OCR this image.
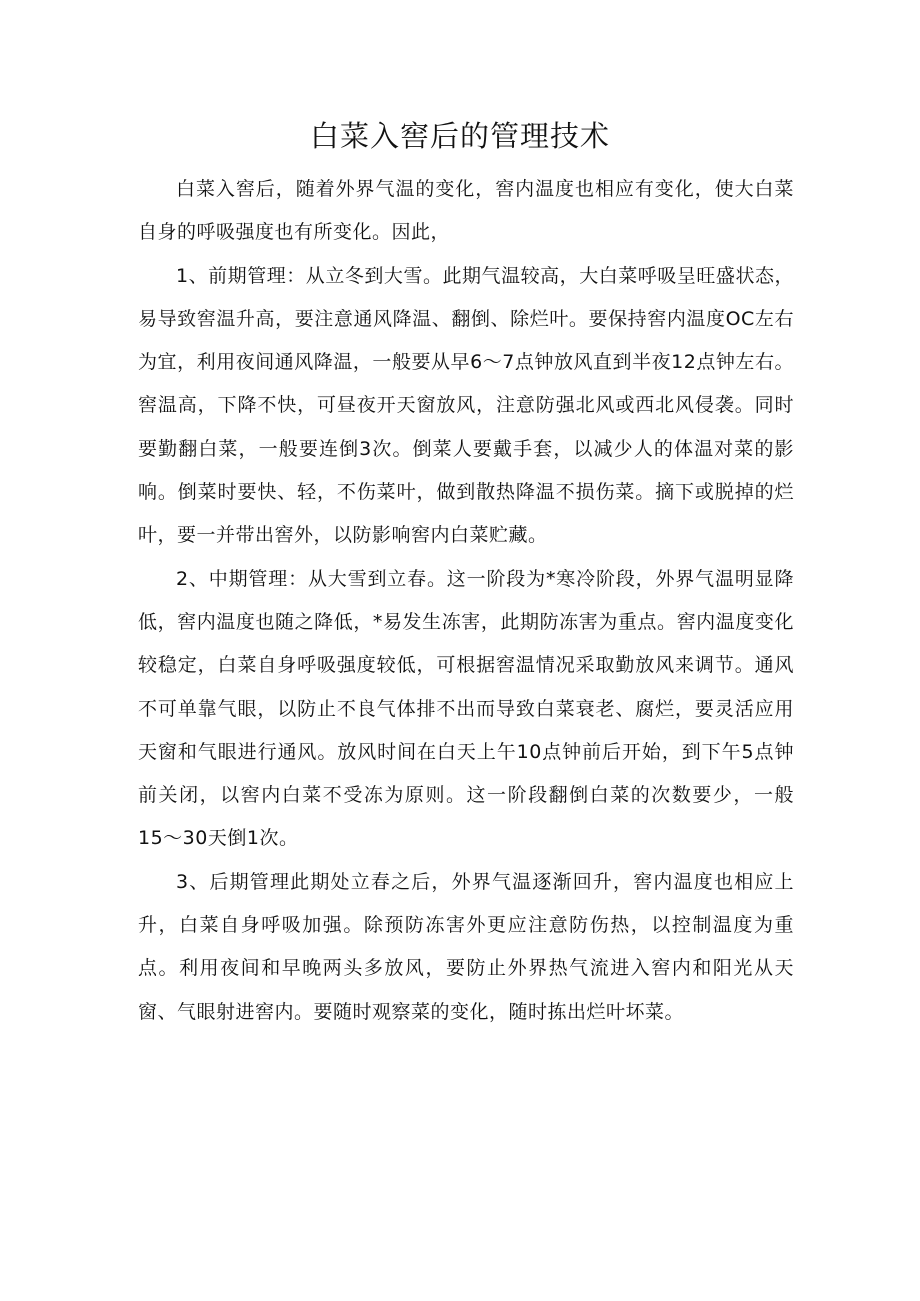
白菜入窖后的管理技术

白菜入窖后，随着外界气温的变化，窖内温度也相应有变化，使大白菜自身的呼吸强度也有所变化。因此，

1、前期管理：从立冬到大雪。此期气温较高，大白菜呼吸呈旺盛状态，易导致窖温升高，要注意通风降温、翻倒、除烂叶。要保持窖内温度OC左右为宜，利用夜间通风降温，一般要从早6〜7点钟放风直到半夜12点钟左右。窖温高，下降不快，可昼夜开天窗放风，注意防强北风或西北风侵袭。同时要勤翻白菜，一般要连倒3次。倒菜人要戴手套，以减少人的体温对菜的影响。倒菜时要快、轻，不伤菜叶，做到散热降温不损伤菜。摘下或脱掉的烂叶，要一并带出窖外，以防影响窖内白菜贮藏。

2、中期管理：从大雪到立春。这一阶段为*寒冷阶段，外界气温明显降低，窖内温度也随之降低，*易发生冻害，此期防冻害为重点。窖内温度变化较稳定，白菜自身呼吸强度较低，可根据窖温情况采取勤放风来调节。通风不可单靠气眼，以防止不良气体排不出而导致白菜衰老、腐烂，要灵活应用天窗和气眼进行通风。放风时间在白天上午10点钟前后开始，到下午5点钟前关闭，以窖内白菜不受冻为原则。这一阶段翻倒白菜的次数要少，一般15〜30天倒1次。

3、后期管理此期处立春之后，外界气温逐渐回升，窖内温度也相应上升，白菜自身呼吸加强。除预防冻害外更应注意防伤热，以控制温度为重点。利用夜间和早晚两头多放风，要防止外界热气流进入窖内和阳光从天窗、气眼射进窖内。要随时观察菜的变化，随时拣出烂叶坏菜。
